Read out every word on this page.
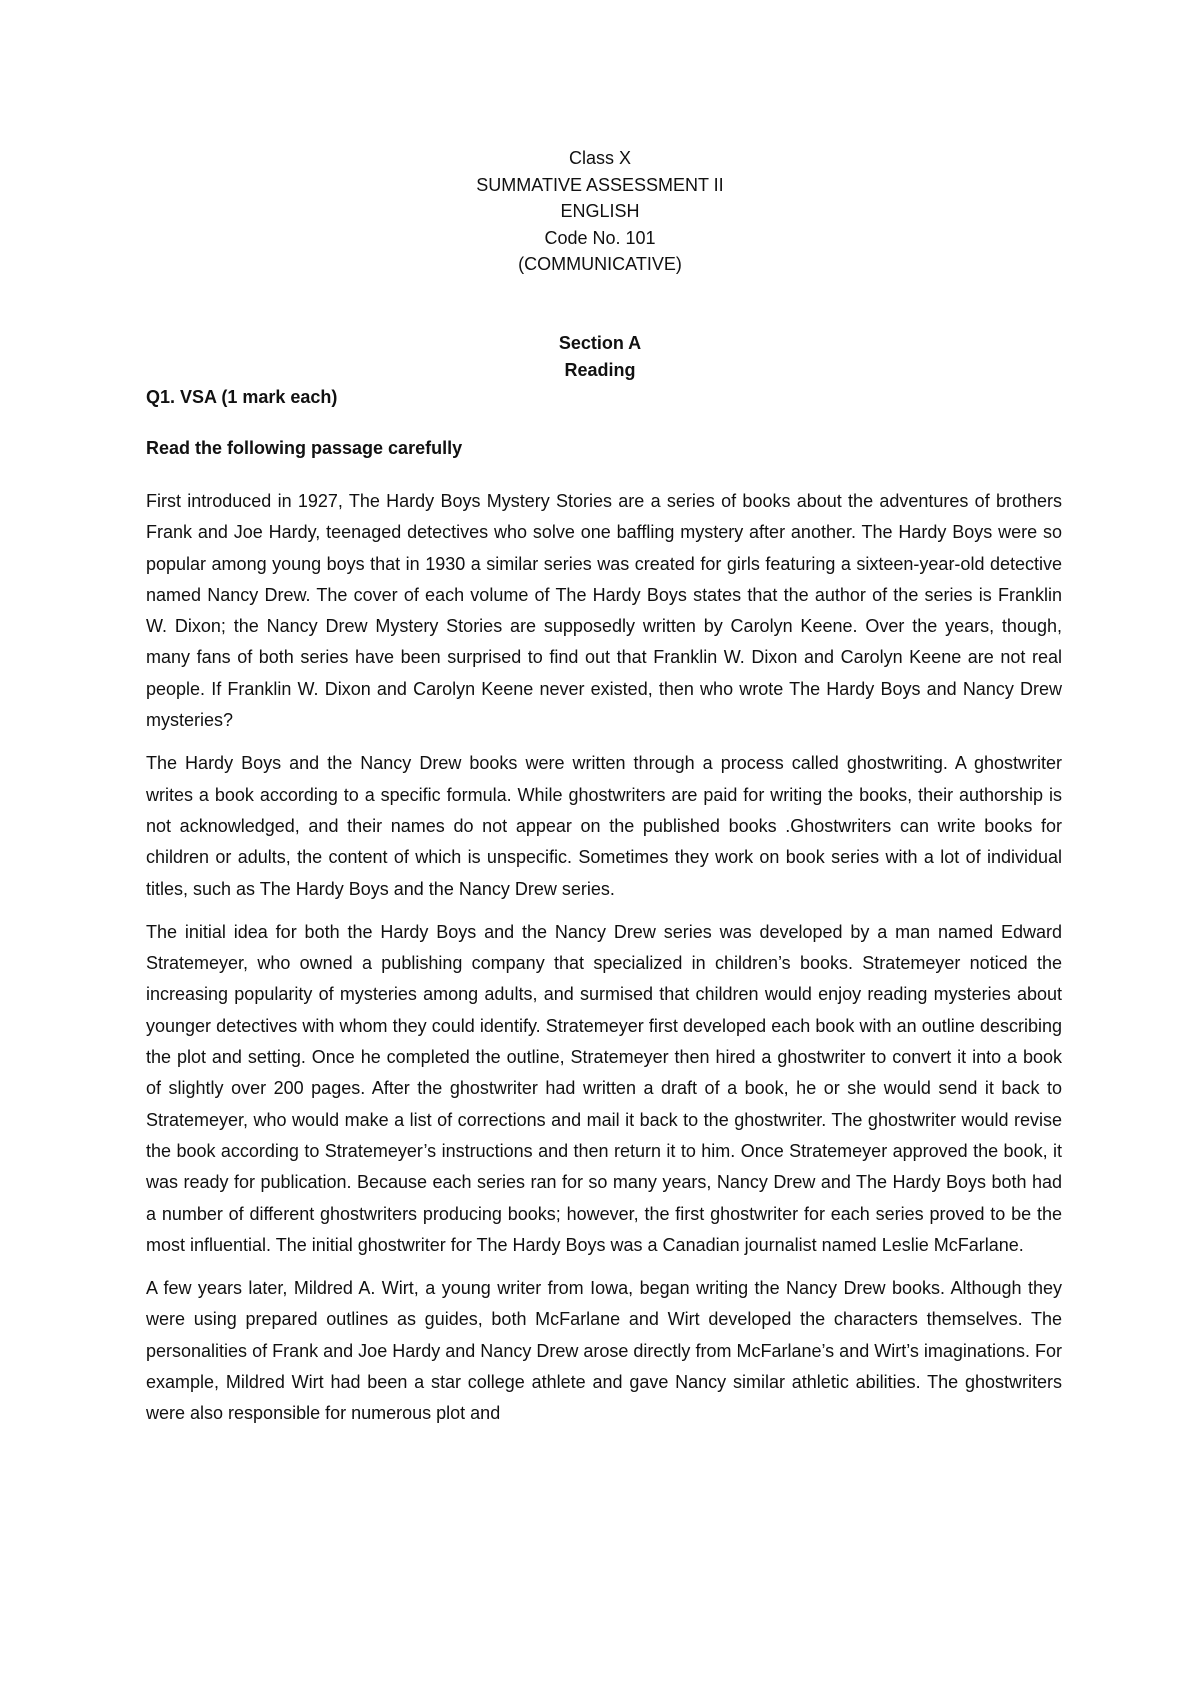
Class X
SUMMATIVE ASSESSMENT II
ENGLISH
Code No. 101
(COMMUNICATIVE)
Section A
Reading
Q1. VSA (1 mark each)
Read the following passage carefully

First introduced in 1927, The Hardy Boys Mystery Stories are a series of books about the adventures of brothers Frank and Joe Hardy, teenaged detectives who solve one baffling mystery after another. The Hardy Boys were so popular among young boys that in 1930 a similar series was created for girls featuring a sixteen-year-old detective named Nancy Drew. The cover of each volume of The Hardy Boys states that the author of the series is Franklin W. Dixon; the Nancy Drew Mystery Stories are supposedly written by Carolyn Keene. Over the years, though, many fans of both series have been surprised to find out that Franklin W. Dixon and Carolyn Keene are not real people. If Franklin W. Dixon and Carolyn Keene never existed, then who wrote The Hardy Boys and Nancy Drew mysteries?

The Hardy Boys and the Nancy Drew books were written through a process called ghostwriting. A ghostwriter writes a book according to a specific formula. While ghostwriters are paid for writing the books, their authorship is not acknowledged, and their names do not appear on the published books .Ghostwriters can write books for children or adults, the content of which is unspecific. Sometimes they work on book series with a lot of individual titles, such as The Hardy Boys and the Nancy Drew series.

The initial idea for both the Hardy Boys and the Nancy Drew series was developed by a man named Edward Stratemeyer, who owned a publishing company that specialized in children’s books. Stratemeyer noticed the increasing popularity of mysteries among adults, and surmised that children would enjoy reading mysteries about younger detectives with whom they could identify. Stratemeyer first developed each book with an outline describing the plot and setting. Once he completed the outline, Stratemeyer then hired a ghostwriter to convert it into a book of slightly over 200 pages. After the ghostwriter had written a draft of a book, he or she would send it back to Stratemeyer, who would make a list of corrections and mail it back to the ghostwriter. The ghostwriter would revise the book according to Stratemeyer’s instructions and then return it to him. Once Stratemeyer approved the book, it was ready for publication. Because each series ran for so many years, Nancy Drew and The Hardy Boys both had a number of different ghostwriters producing books; however, the first ghostwriter for each series proved to be the most influential. The initial ghostwriter for The Hardy Boys was a Canadian journalist named Leslie McFarlane.

A few years later, Mildred A. Wirt, a young writer from Iowa, began writing the Nancy Drew books. Although they were using prepared outlines as guides, both McFarlane and Wirt developed the characters themselves. The personalities of Frank and Joe Hardy and Nancy Drew arose directly from McFarlane’s and Wirt’s imaginations. For example, Mildred Wirt had been a star college athlete and gave Nancy similar athletic abilities. The ghostwriters were also responsible for numerous plot and
